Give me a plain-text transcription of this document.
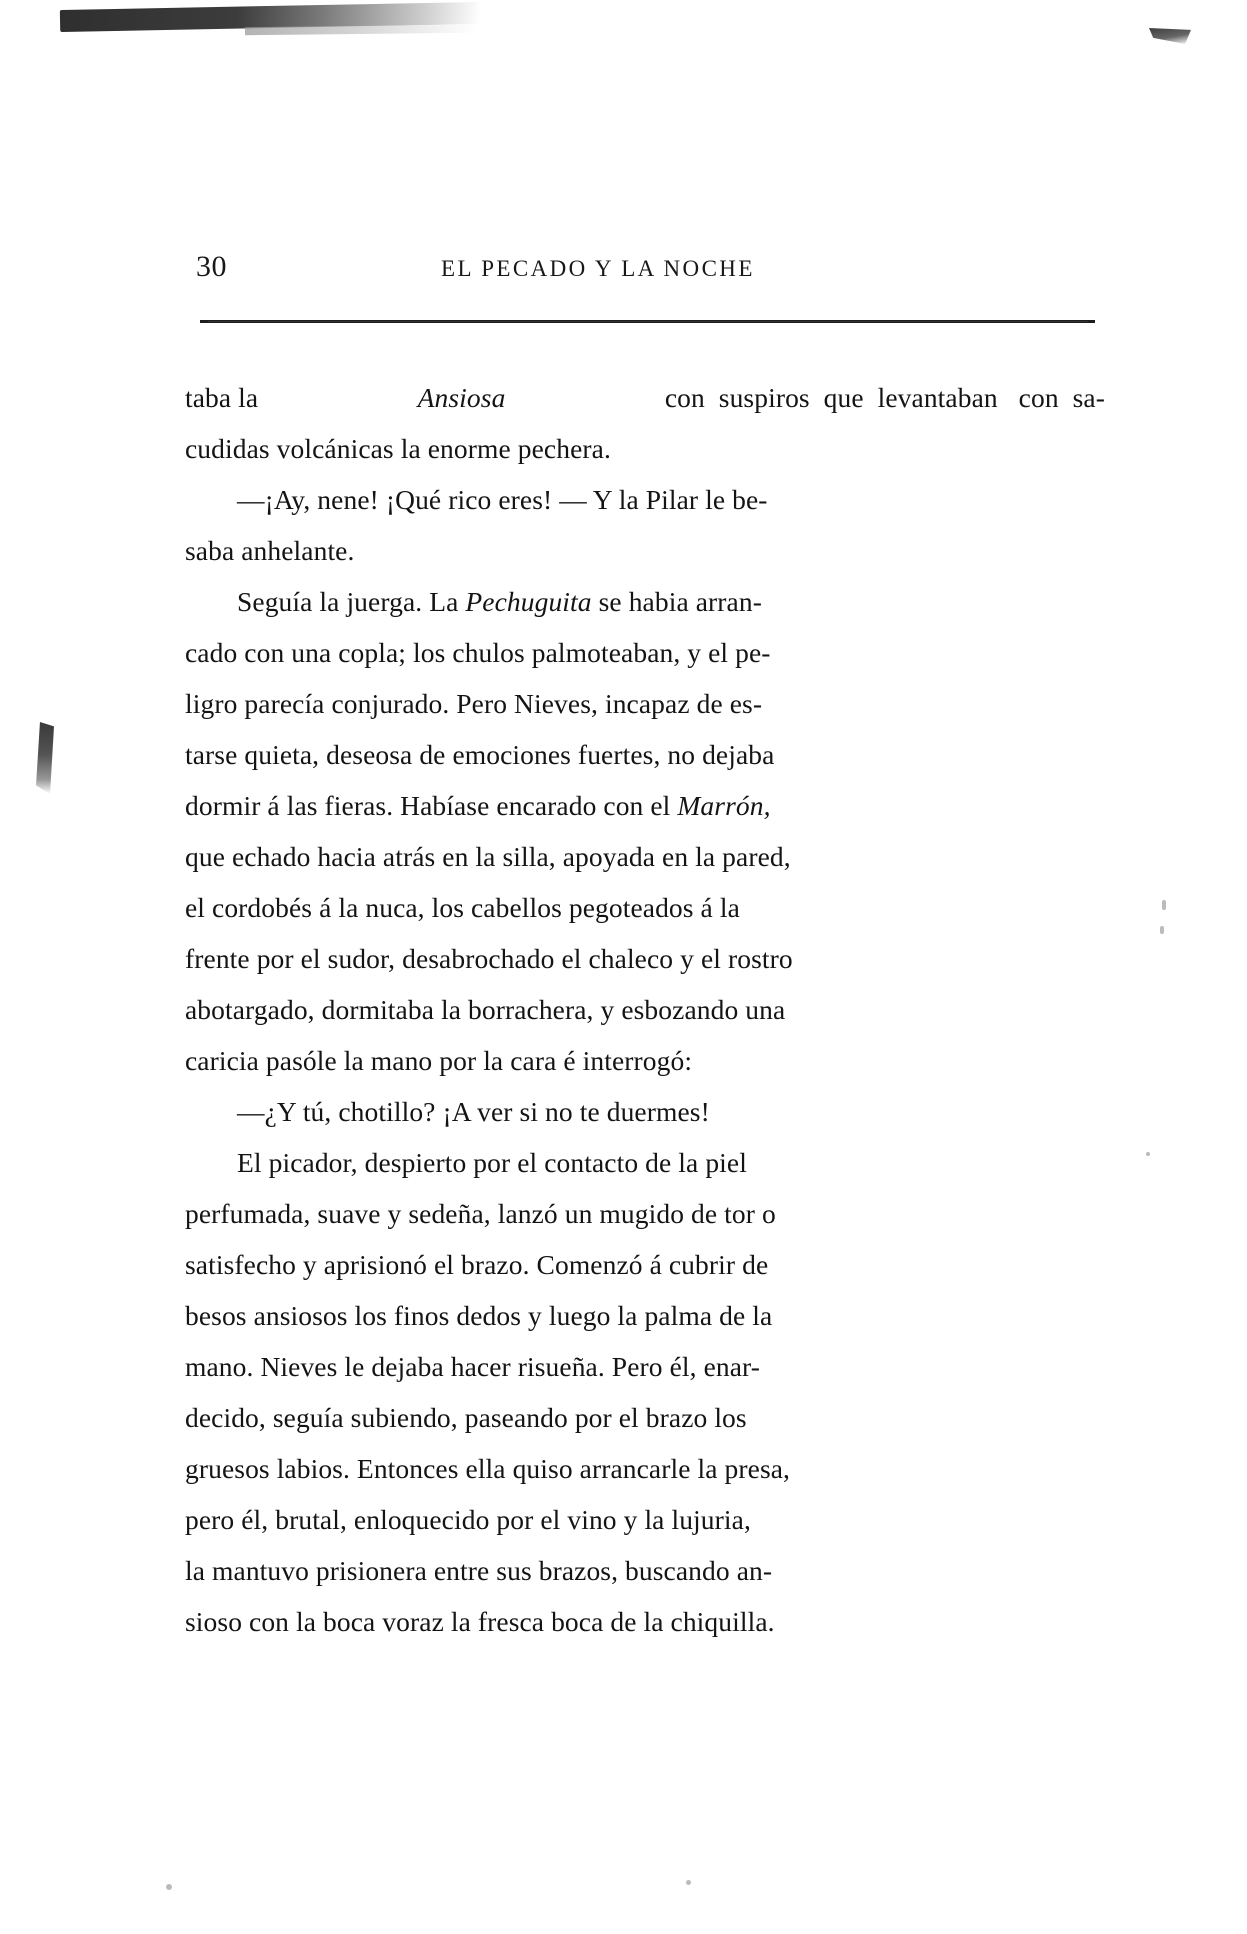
30	EL PECADO Y LA NOCHE

taba la	Ansiosa	con  suspiros  que  levantaban   con  sa-
cudidas volcánicas la enorme pechera.

—¡Ay, nene! ¡Qué rico eres! — Y la Pilar le be-
saba anhelante.

Seguía la juerga. La Pechuguita se habia arran-
cado con una copla; los chulos palmoteaban, y el pe-
ligro parecía conjurado. Pero Nieves, incapaz de es-
tarse quieta, deseosa de emociones fuertes, no dejaba
dormir á las fieras. Habíase encarado con el Marrón,
que echado hacia atrás en la silla, apoyada en la pared,
el cordobés á la nuca, los cabellos pegoteados á la
frente por el sudor, desabrochado el chaleco y el rostro
abotargado, dormitaba la borrachera, y esbozando una
caricia pasóle la mano por la cara é interrogó:

—¿Y tú, chotillo? ¡A ver si no te duermes!

El picador, despierto por el contacto de la piel
perfumada, suave y sedeña, lanzó un mugido de tor o
satisfecho y aprisionó el brazo. Comenzó á cubrir de
besos ansiosos los finos dedos y luego la palma de la
mano. Nieves le dejaba hacer risueña. Pero él, enar-
decido, seguía subiendo, paseando por el brazo los
gruesos labios. Entonces ella quiso arrancarle la presa,
pero él, brutal, enloquecido por el vino y la lujuria,
la mantuvo prisionera entre sus brazos, buscando an-
sioso con la boca voraz la fresca boca de la chiquilla.
